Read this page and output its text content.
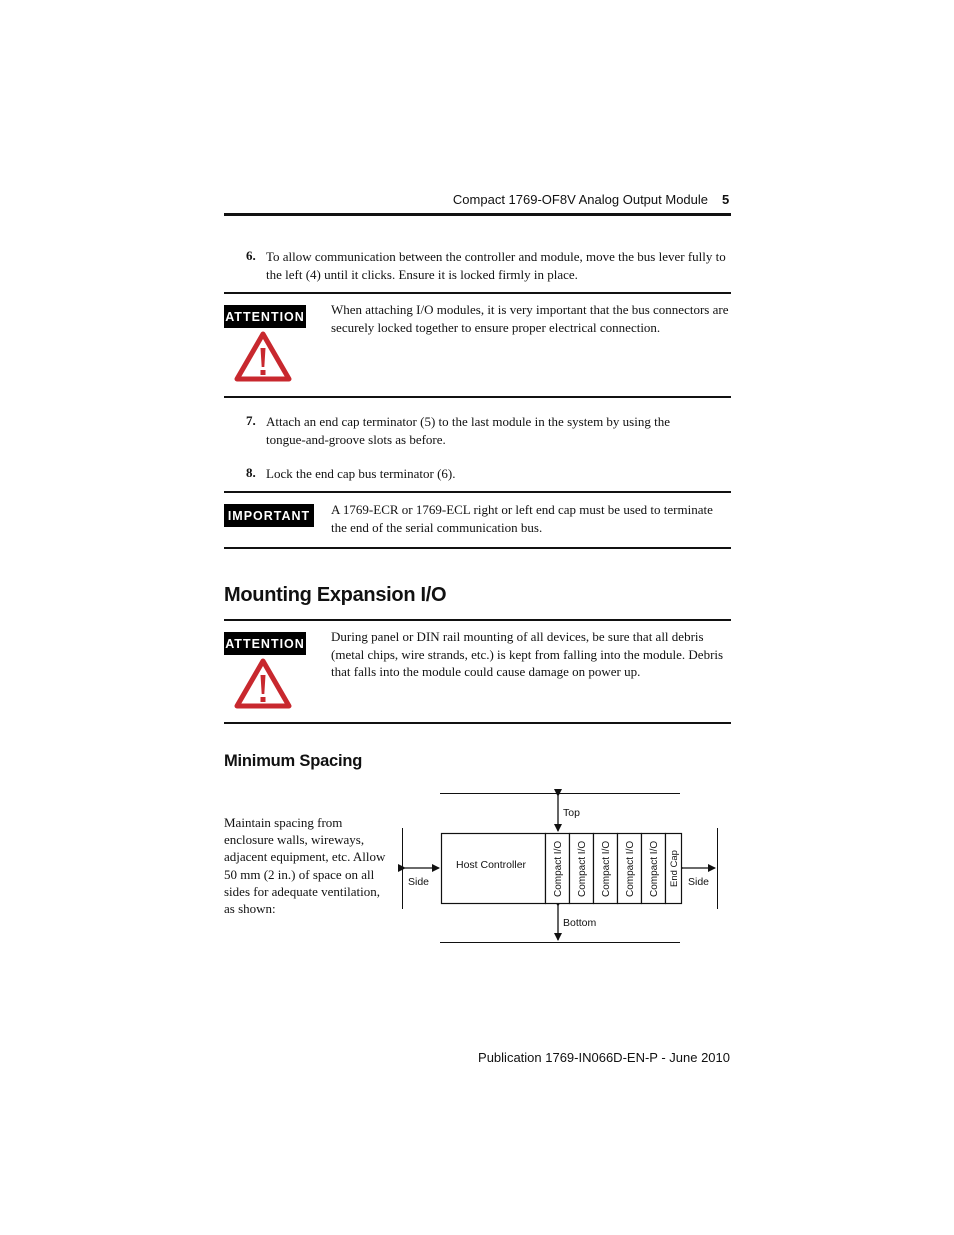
Compact 1769-OF8V Analog Output Module 5
6. To allow communication between the controller and module, move the bus lever fully to the left (4) until it clicks. Ensure it is locked firmly in place.
ATTENTION When attaching I/O modules, it is very important that the bus connectors are securely locked together to ensure proper electrical connection.
7. Attach an end cap terminator (5) to the last module in the system by using the tongue-and-groove slots as before.
8. Lock the end cap bus terminator (6).
IMPORTANT A 1769-ECR or 1769-ECL right or left end cap must be used to terminate the end of the serial communication bus.
Mounting Expansion I/O
ATTENTION During panel or DIN rail mounting of all devices, be sure that all debris (metal chips, wire strands, etc.) is kept from falling into the module. Debris that falls into the module could cause damage on power up.
Minimum Spacing
Maintain spacing from enclosure walls, wireways, adjacent equipment, etc. Allow 50 mm (2 in.) of space on all sides for adequate ventilation, as shown:
Host Controller	Compact I/O Compact I/O Compact I/O Compact I/O Compact I/O End Cap
Top
Bottom
Side	Side
Publication 1769-IN066D-EN-P - June 2010
